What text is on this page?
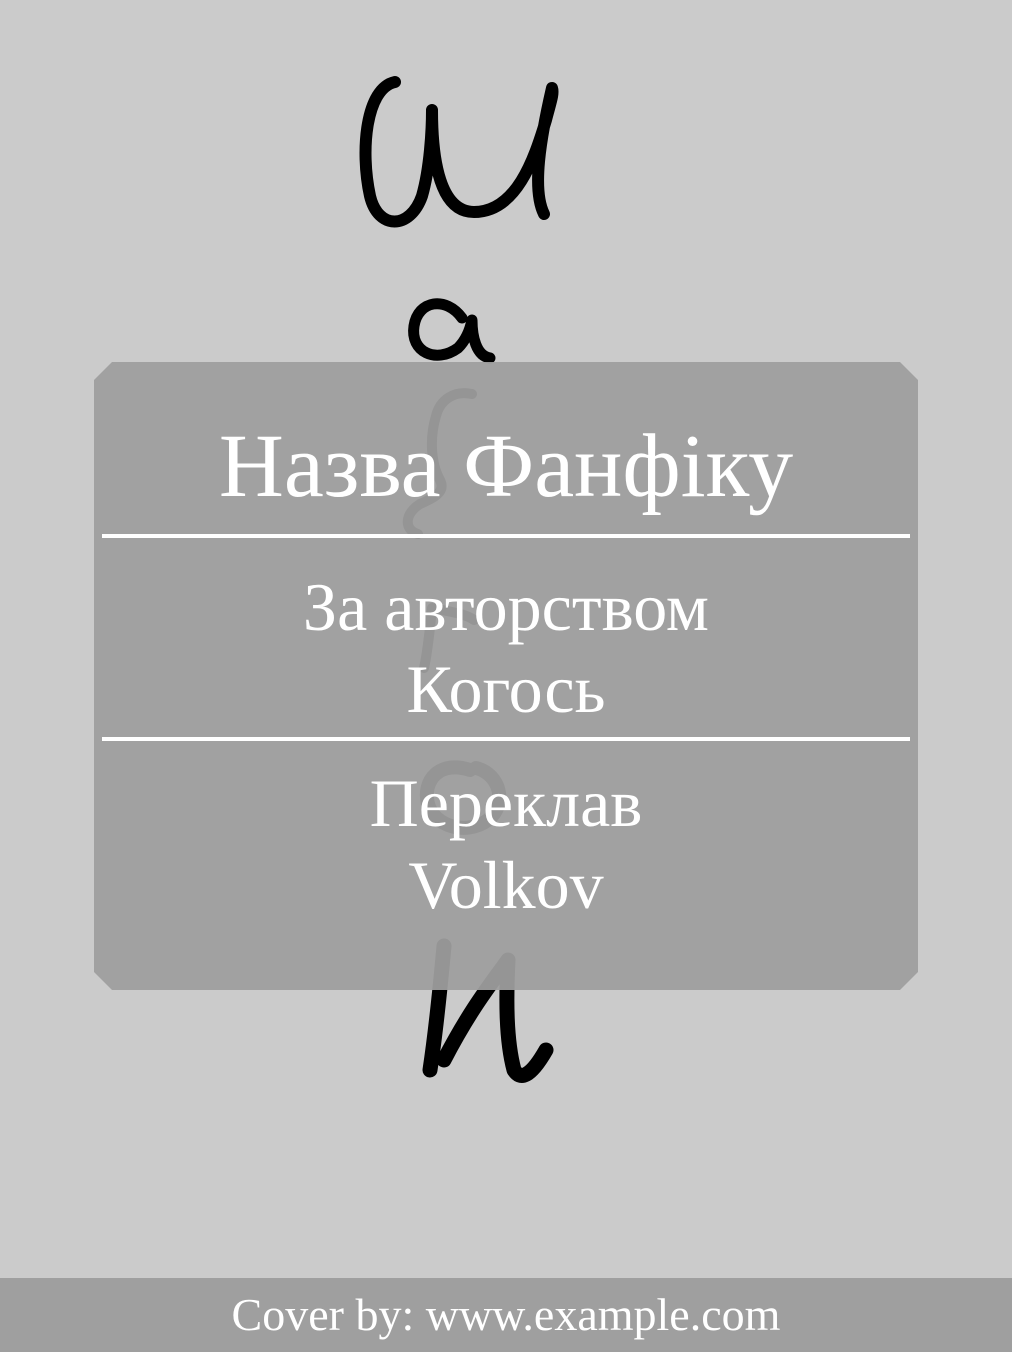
Назва Фанфіку
За авторством
Когось
Переклав
Volkov
Cover by: www.example.com
